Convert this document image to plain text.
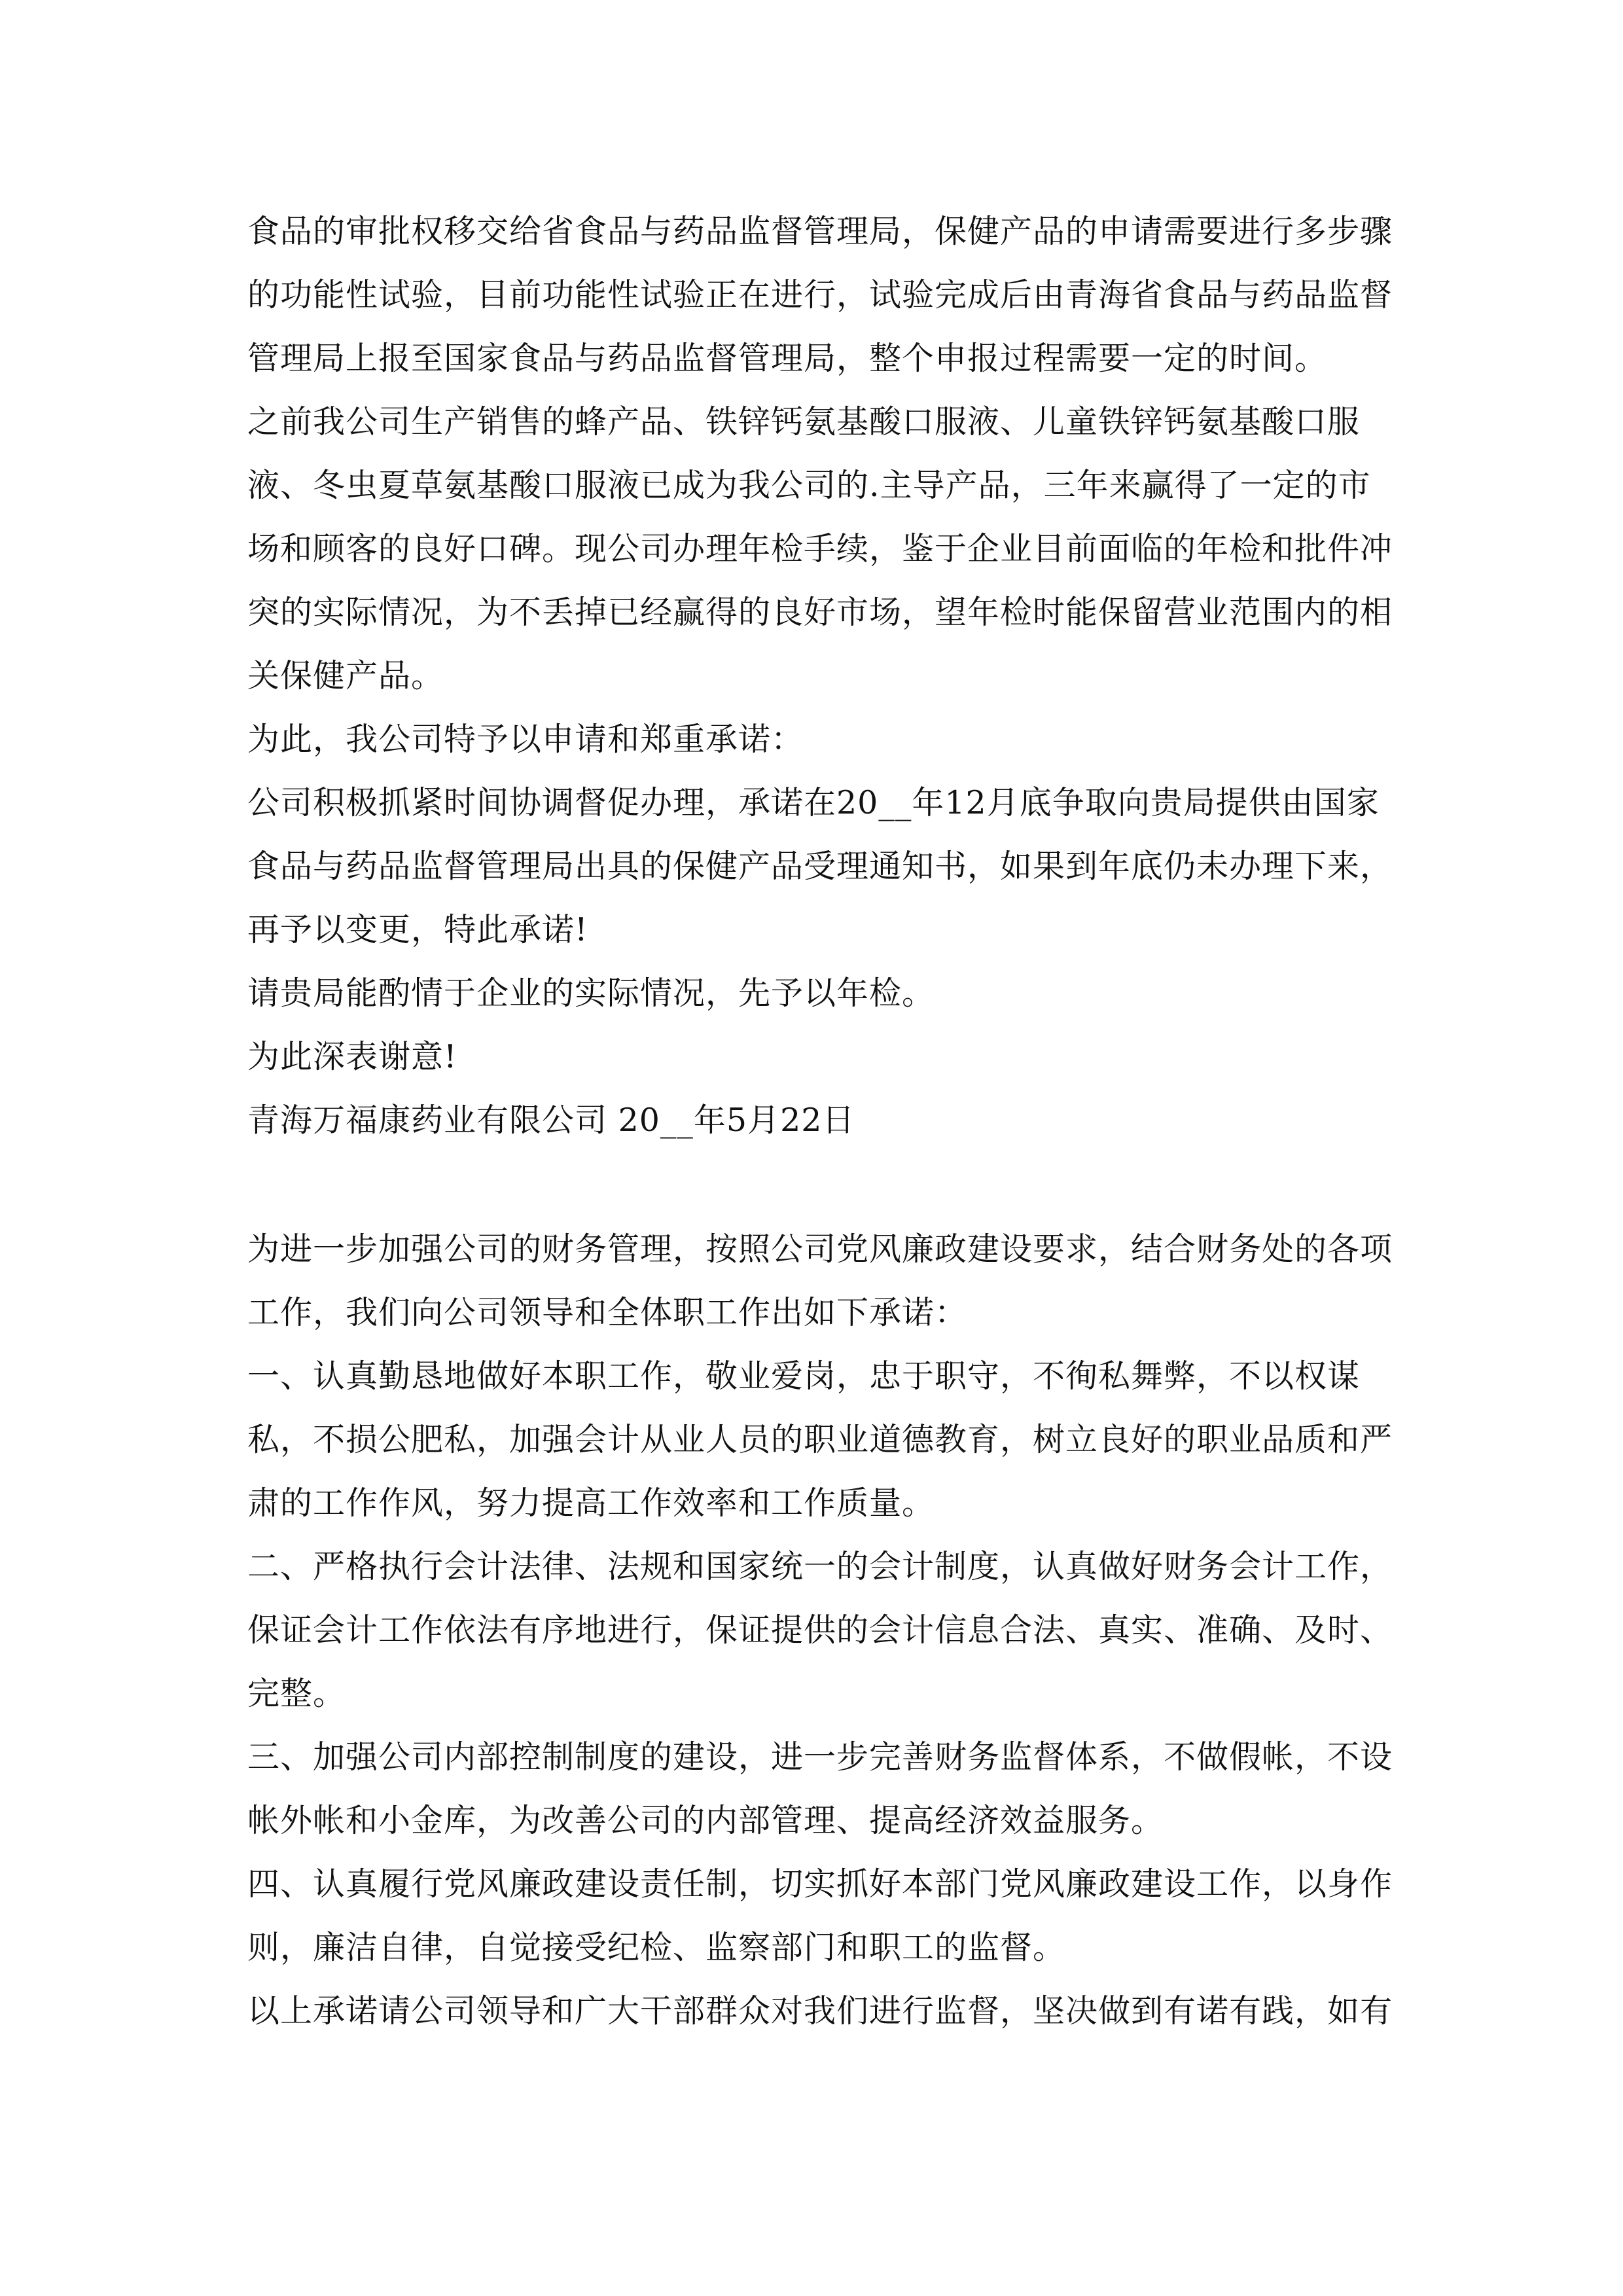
食品的审批权移交给省食品与药品监督管理局，保健产品的申请需要进行多步骤的功能性试验，目前功能性试验正在进行，试验完成后由青海省食品与药品监督管理局上报至国家食品与药品监督管理局，整个申报过程需要一定的时间。

之前我公司生产销售的蜂产品、铁锌钙氨基酸口服液、儿童铁锌钙氨基酸口服液、冬虫夏草氨基酸口服液已成为我公司的.主导产品，三年来赢得了一定的市场和顾客的良好口碑。现公司办理年检手续，鉴于企业目前面临的年检和批件冲突的实际情况，为不丢掉已经赢得的良好市场，望年检时能保留营业范围内的相关保健产品。

为此，我公司特予以申请和郑重承诺：

公司积极抓紧时间协调督促办理，承诺在20__年12月底争取向贵局提供由国家食品与药品监督管理局出具的保健产品受理通知书，如果到年底仍未办理下来，再予以变更，特此承诺!

请贵局能酌情于企业的实际情况，先予以年检。

为此深表谢意!

青海万福康药业有限公司 20__年5月22日

为进一步加强公司的财务管理，按照公司党风廉政建设要求，结合财务处的各项工作，我们向公司领导和全体职工作出如下承诺：

一、认真勤恳地做好本职工作，敬业爱岗，忠于职守，不徇私舞弊，不以权谋私，不损公肥私，加强会计从业人员的职业道德教育，树立良好的职业品质和严肃的工作作风，努力提高工作效率和工作质量。

二、严格执行会计法律、法规和国家统一的会计制度，认真做好财务会计工作，保证会计工作依法有序地进行，保证提供的会计信息合法、真实、准确、及时、完整。

三、加强公司内部控制制度的建设，进一步完善财务监督体系，不做假帐，不设帐外帐和小金库，为改善公司的内部管理、提高经济效益服务。

四、认真履行党风廉政建设责任制，切实抓好本部门党风廉政建设工作，以身作则，廉洁自律，自觉接受纪检、监察部门和职工的监督。

以上承诺请公司领导和广大干部群众对我们进行监督，坚决做到有诺有践，如有
